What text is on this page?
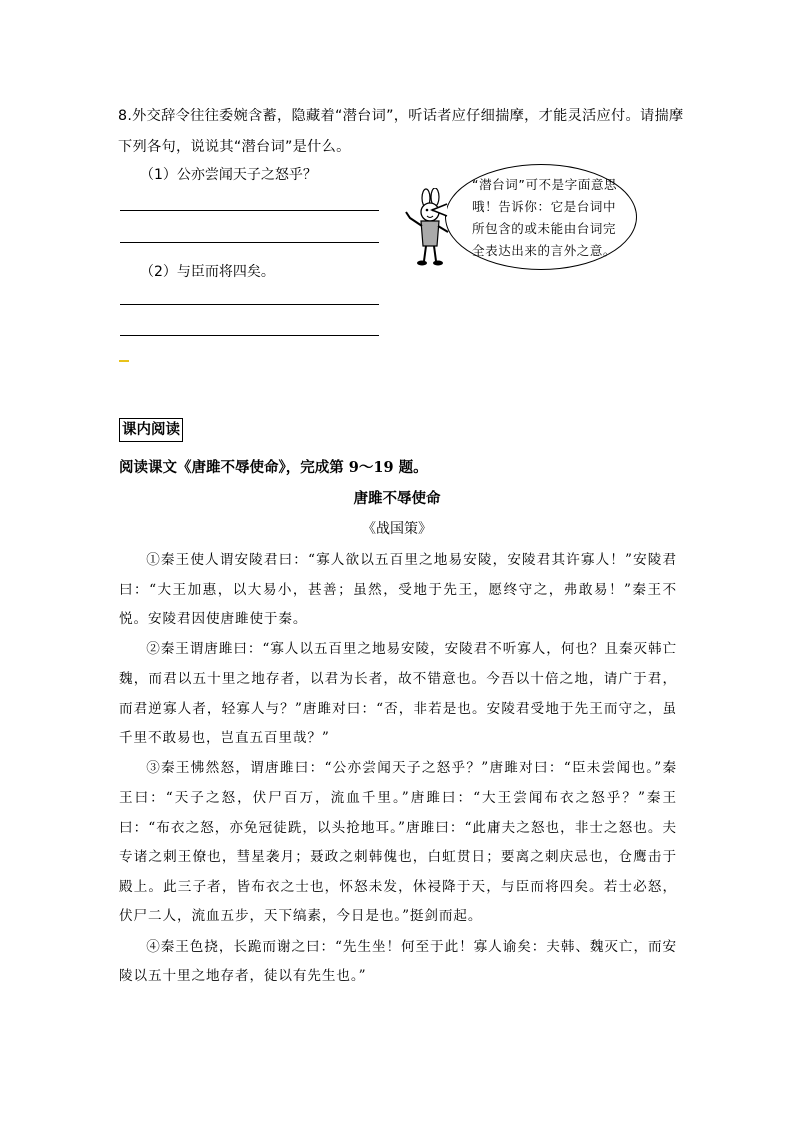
8.外交辞令往往委婉含蓄，隐藏着“潜台词”，听话者应仔细揣摩，才能灵活应付。请揣摩下列各句，说说其“潜台词”是什么。
（1）公亦尝闻天子之怒乎？
（2）与臣而将四矣。
“潜台词”可不是字面意思哦！告诉你：它是台词中所包含的或未能由台词完全表达出来的言外之意。
课内阅读
阅读课文《唐雎不辱使命》，完成第 9～19 题。
唐雎不辱使命
《战国策》

①秦王使人谓安陵君曰：“寡人欲以五百里之地易安陵，安陵君其许寡人！”安陵君曰：“大王加惠，以大易小，甚善；虽然，受地于先王，愿终守之，弗敢易！”秦王不悦。安陵君因使唐雎使于秦。

②秦王谓唐雎曰：“寡人以五百里之地易安陵，安陵君不听寡人，何也？且秦灭韩亡魏，而君以五十里之地存者，以君为长者，故不错意也。今吾以十倍之地，请广于君，而君逆寡人者，轻寡人与？”唐雎对曰：“否，非若是也。安陵君受地于先王而守之，虽千里不敢易也，岂直五百里哉？”

③秦王怫然怒，谓唐雎曰：“公亦尝闻天子之怒乎？”唐雎对曰：“臣未尝闻也。”秦王曰：“天子之怒，伏尸百万，流血千里。”唐雎曰：“大王尝闻布衣之怒乎？”秦王曰：“布衣之怒，亦免冠徒跣，以头抢地耳。”唐雎曰：“此庸夫之怒也，非士之怒也。夫专诸之刺王僚也，彗星袭月；聂政之刺韩傀也，白虹贯日；要离之刺庆忌也，仓鹰击于殿上。此三子者，皆布衣之士也，怀怒未发，休祲降于天，与臣而将四矣。若士必怒，伏尸二人，流血五步，天下缟素，今日是也。”挺剑而起。

④秦王色挠，长跪而谢之曰：“先生坐！何至于此！寡人谕矣：夫韩、魏灭亡，而安陵以五十里之地存者，徒以有先生也。”
